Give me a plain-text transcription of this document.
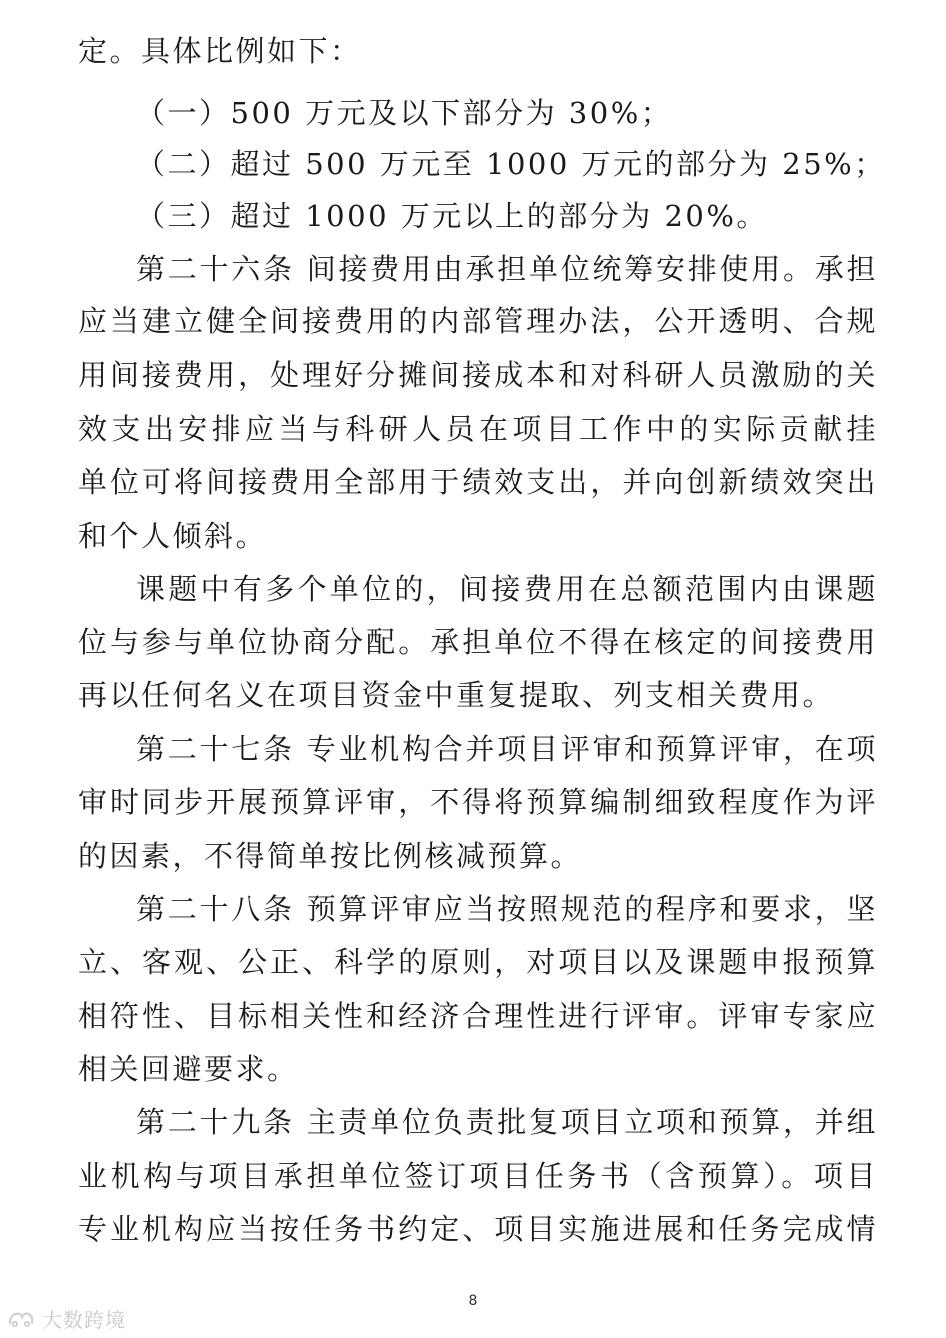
定。具体比例如下：
（一）500 万元及以下部分为 30%；
（二）超过 500 万元至 1000 万元的部分为 25%；
（三）超过 1000 万元以上的部分为 20%。
第二十六条 间接费用由承担单位统筹安排使用。承担
应当建立健全间接费用的内部管理办法，公开透明、合规
用间接费用，处理好分摊间接成本和对科研人员激励的关
效支出安排应当与科研人员在项目工作中的实际贡献挂
单位可将间接费用全部用于绩效支出，并向创新绩效突出
和个人倾斜。
课题中有多个单位的，间接费用在总额范围内由课题
位与参与单位协商分配。承担单位不得在核定的间接费用
再以任何名义在项目资金中重复提取、列支相关费用。
第二十七条 专业机构合并项目评审和预算评审，在项
审时同步开展预算评审，不得将预算编制细致程度作为评
的因素，不得简单按比例核减预算。
第二十八条 预算评审应当按照规范的程序和要求，坚
立、客观、公正、科学的原则，对项目以及课题申报预算
相符性、目标相关性和经济合理性进行评审。评审专家应
相关回避要求。
第二十九条 主责单位负责批复项目立项和预算，并组
业机构与项目承担单位签订项目任务书（含预算）。项目
专业机构应当按任务书约定、项目实施进展和任务完成情
8
大数跨境
